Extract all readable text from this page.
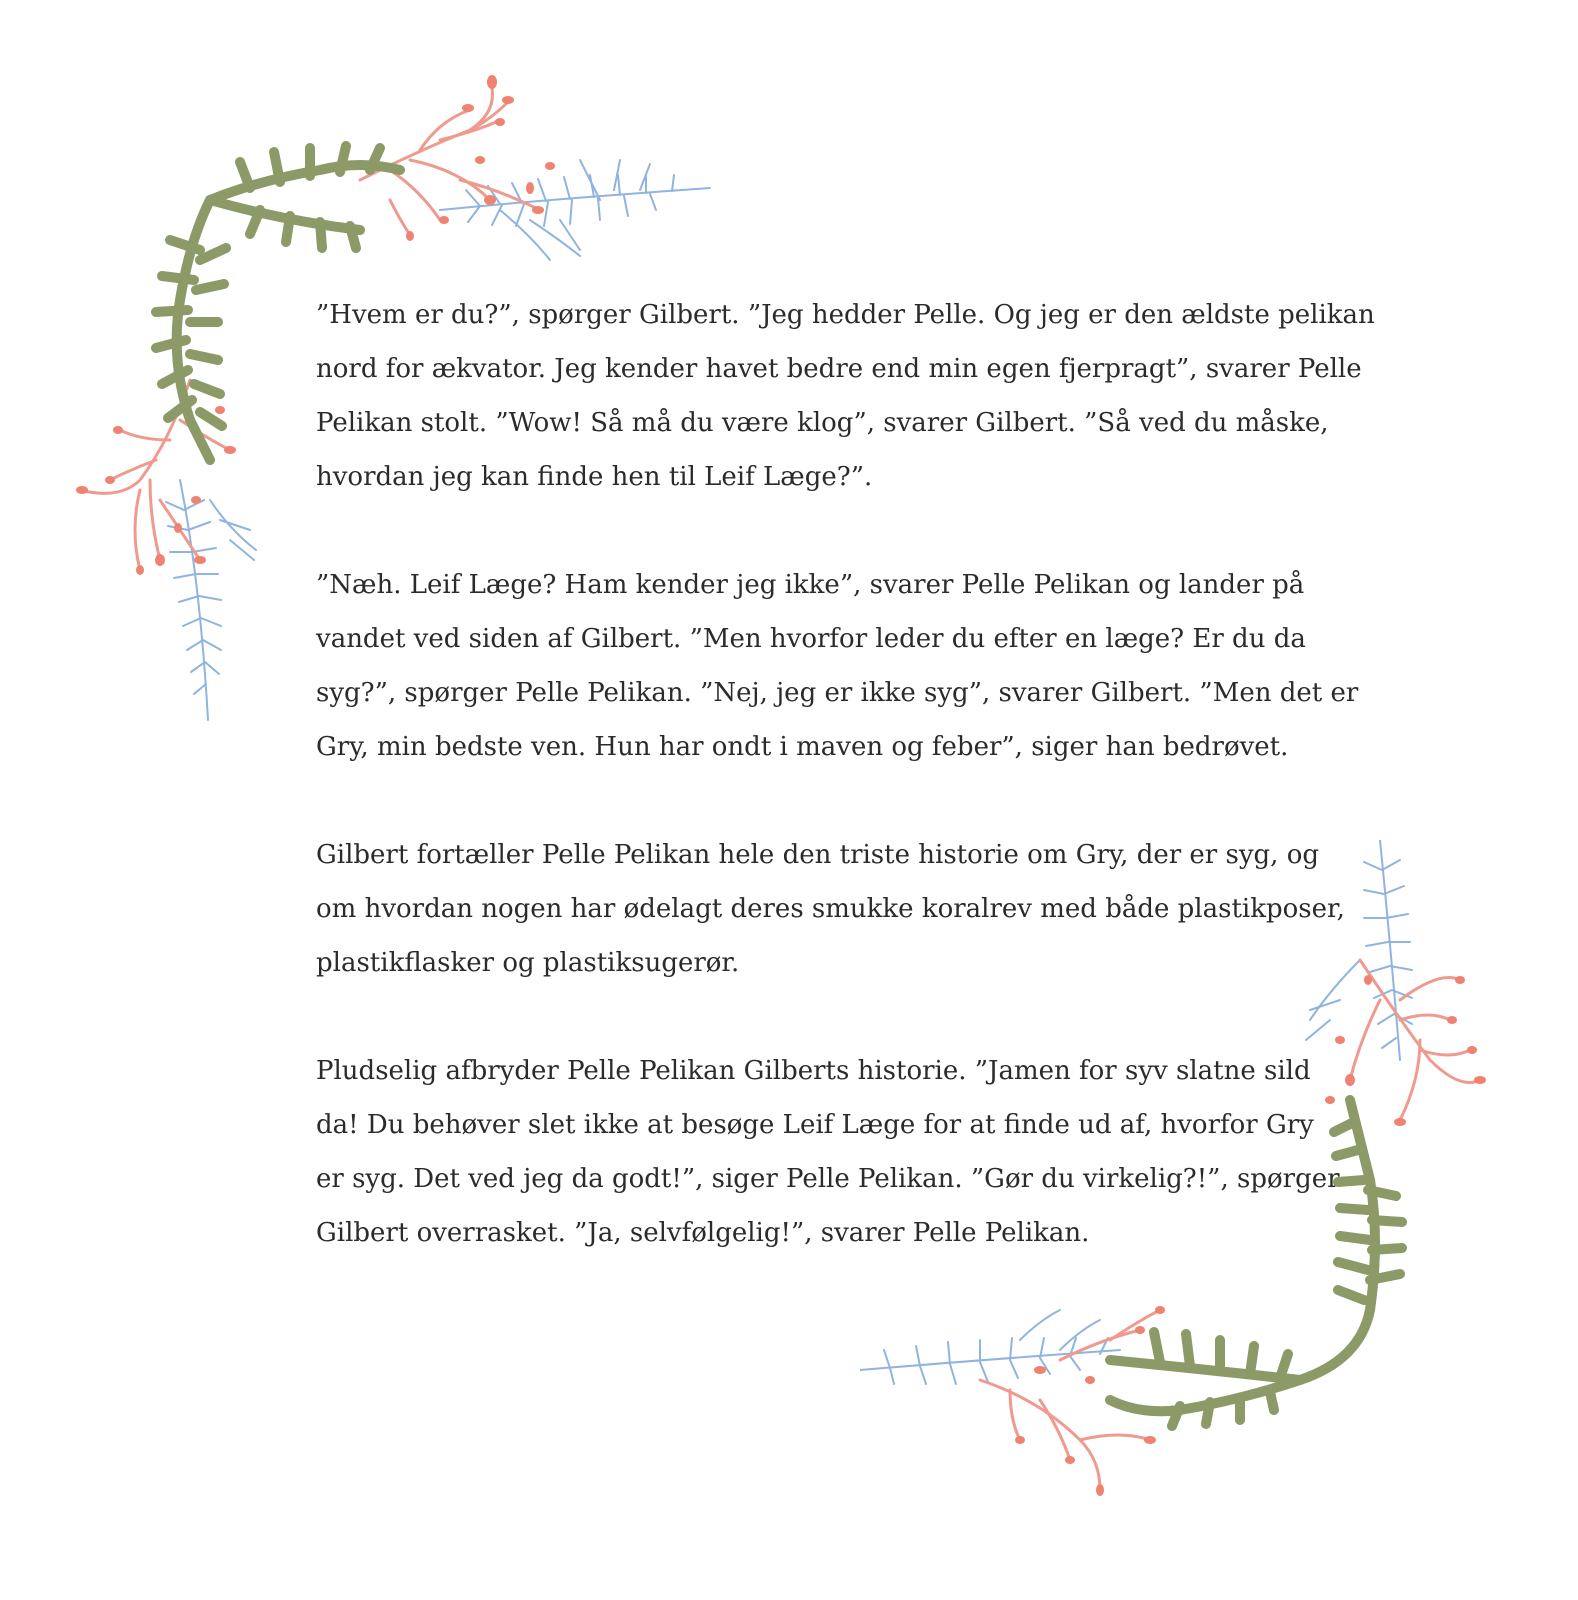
”Hvem er du?”, spørger Gilbert. ”Jeg hedder Pelle. Og jeg er den ældste pelikan
nord for ækvator. Jeg kender havet bedre end min egen fjerpragt”, svarer Pelle
Pelikan stolt. ”Wow! Så må du være klog”, svarer Gilbert. ”Så ved du måske,
hvordan jeg kan finde hen til Leif Læge?”.

”Næh. Leif Læge? Ham kender jeg ikke”, svarer Pelle Pelikan og lander på
vandet ved siden af Gilbert. ”Men hvorfor leder du efter en læge? Er du da
syg?”, spørger Pelle Pelikan. ”Nej, jeg er ikke syg”, svarer Gilbert. ”Men det er
Gry, min bedste ven. Hun har ondt i maven og feber”, siger han bedrøvet.

Gilbert fortæller Pelle Pelikan hele den triste historie om Gry, der er syg, og
om hvordan nogen har ødelagt deres smukke koralrev med både plastikposer,
plastikflasker og plastiksugerør.

Pludselig afbryder Pelle Pelikan Gilberts historie. ”Jamen for syv slatne sild
da! Du behøver slet ikke at besøge Leif Læge for at finde ud af, hvorfor Gry
er syg. Det ved jeg da godt!”, siger Pelle Pelikan. ”Gør du virkelig?!”, spørger
Gilbert overrasket. ”Ja, selvfølgelig!”, svarer Pelle Pelikan.
